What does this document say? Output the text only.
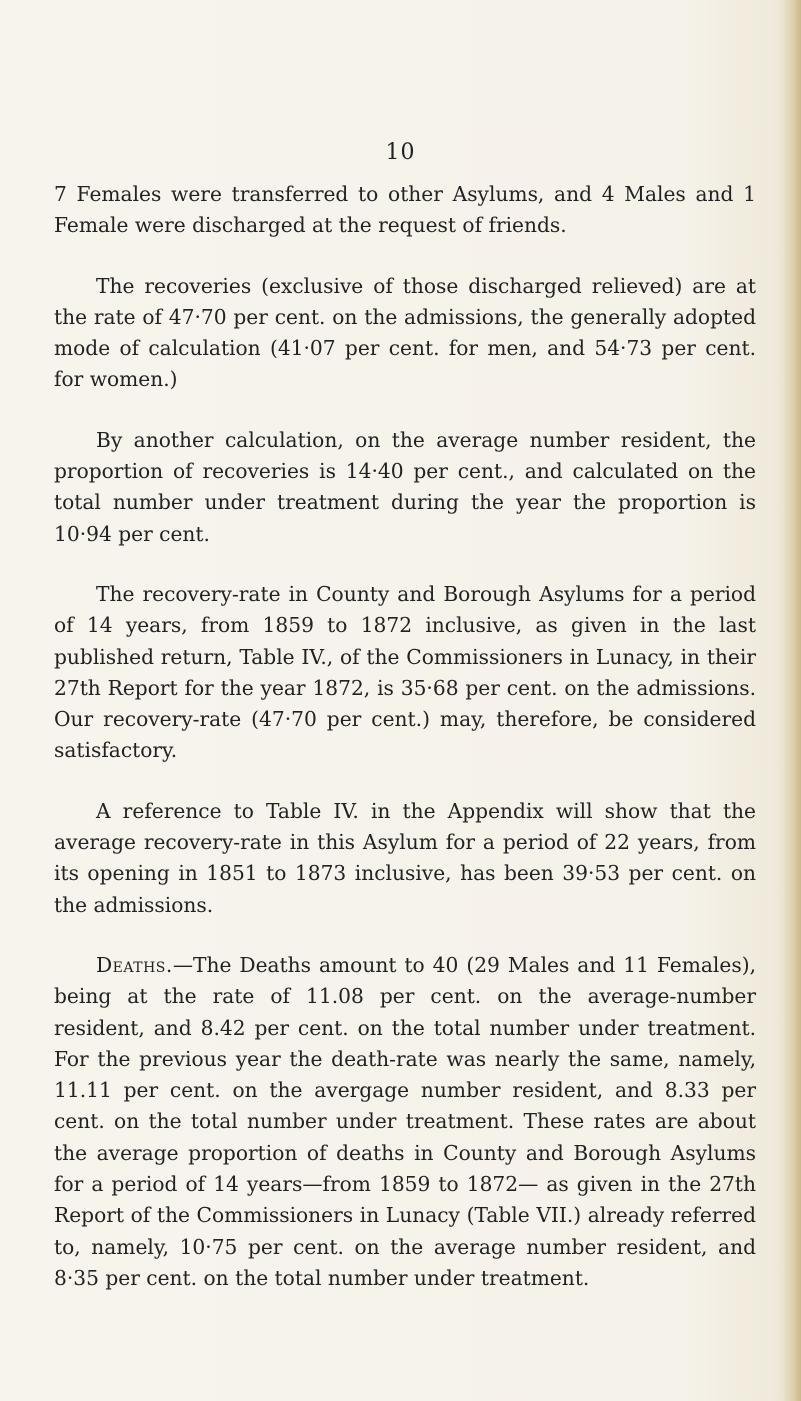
10

7 Females were transferred to other Asylums, and 4 Males and 1 Female were discharged at the request of friends.

The recoveries (exclusive of those discharged relieved) are at the rate of 47·70 per cent. on the admissions, the generally adopted mode of calculation (41·07 per cent. for men, and 54·73 per cent. for women.)

By another calculation, on the average number resident, the proportion of recoveries is 14·40 per cent., and calculated on the total number under treatment during the year the proportion is 10·94 per cent.

The recovery-rate in County and Borough Asylums for a period of 14 years, from 1859 to 1872 inclusive, as given in the last published return, Table IV., of the Commissioners in Lunacy, in their 27th Report for the year 1872, is 35·68 per cent. on the admissions. Our recovery-rate (47·70 per cent.) may, therefore, be considered satisfactory.

A reference to Table IV. in the Appendix will show that the average recovery-rate in this Asylum for a period of 22 years, from its opening in 1851 to 1873 inclusive, has been 39·53 per cent. on the admissions.

Deaths.—The Deaths amount to 40 (29 Males and 11 Females), being at the rate of 11.08 per cent. on the average-number resident, and 8.42 per cent. on the total number under treatment. For the previous year the death-rate was nearly the same, namely, 11.11 per cent. on the avergage number resident, and 8.33 per cent. on the total number under treatment. These rates are about the average proportion of deaths in County and Borough Asylums for a period of 14 years—from 1859 to 1872— as given in the 27th Report of the Commissioners in Lunacy (Table VII.) already referred to, namely, 10·75 per cent. on the average number resident, and 8·35 per cent. on the total number under treatment.
